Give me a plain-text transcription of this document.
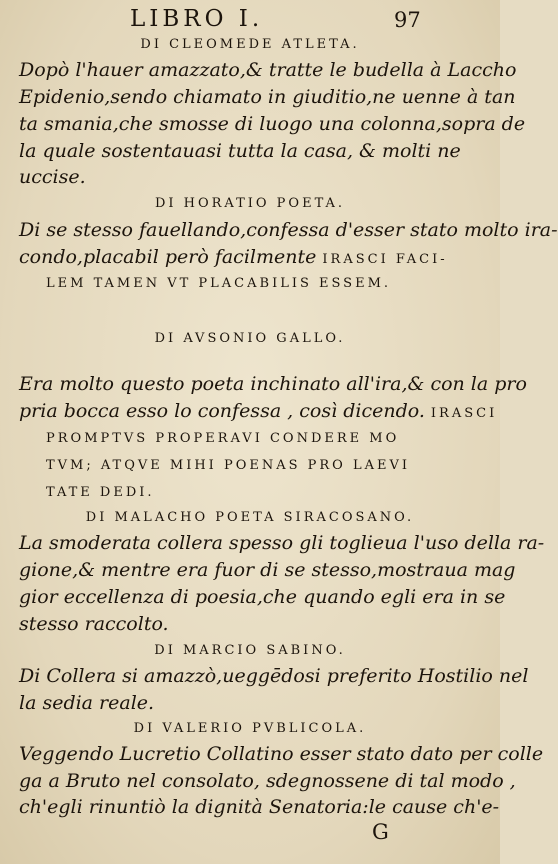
LIBRO I.	97
DI CLEOMEDE ATLETA.
Dopò l'hauer amazzato,& tratte le budella à Laccho
Epidenio,sendo chiamato in giuditio,ne uenne à tan
ta smania,che smosse di luogo una colonna,sopra de
la quale sostentauasi tutta la casa, & molti ne
uccise.
DI HORATIO POETA.
Di se stesso fauellando,confessa d'esser stato molto ira-
condo,placabil però facilmente IRASCI FACI-
LEM TAMEN VT PLACABILIS ESSEM.
DI AVSONIO GALLO.
Era molto questo poeta inchinato all'ira,& con la pro
pria bocca esso lo confessa , così dicendo. IRASCI
PROMPTVS PROPERAVI CONDERE MO
TVM; ATQVE MIHI POENAS PRO LAEVI
TATE DEDI.
DI MALACHO POETA SIRACOSANO.
La smoderata collera spesso gli toglieua l'uso della ra-
gione,& mentre era fuor di se stesso,mostraua mag
gior eccellenza di poesia,che quando egli era in se
stesso raccolto.
DI MARCIO SABINO.
Di Collera si amazzò,ueggēdosi preferito Hostilio nel
la sedia reale.
DI VALERIO PVBLICOLA.
Veggendo Lucretio Collatino esser stato dato per colle
ga a Bruto nel consolato, sdegnossene di tal modo ,
ch'egli rinuntiò la dignità Senatoria:le cause ch'e-
G
